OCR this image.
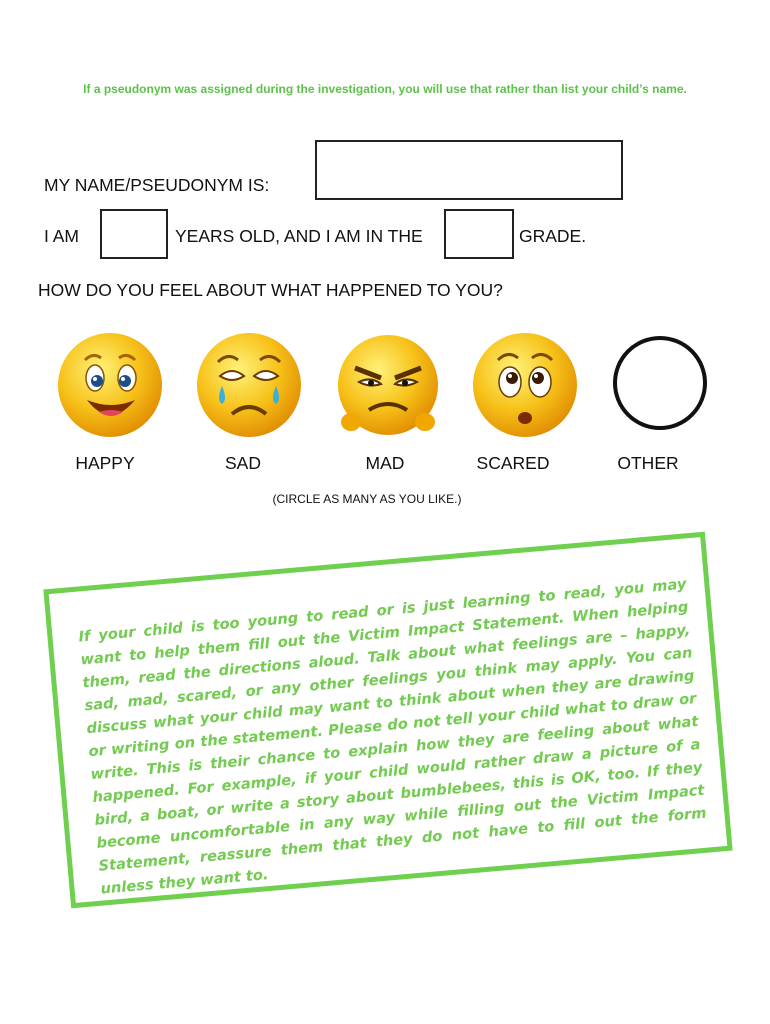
If a pseudonym was assigned during the investigation, you will use that rather than list your child’s name.
MY NAME/PSEUDONYM IS:
I AM	YEARS OLD, AND I AM IN THE	GRADE.
HOW DO YOU FEEL ABOUT WHAT HAPPENED TO YOU?
HAPPY	SAD	MAD	SCARED	OTHER
(CIRCLE AS MANY AS YOU LIKE.)
If your child is too young to read or is just learning to read, you may want to help them fill out the Victim Impact Statement. When helping them, read the directions aloud. Talk about what feelings are – happy, sad, mad, scared, or any other feelings you think may apply. You can discuss what your child may want to think about when they are drawing or writing on the statement. Please do not tell your child what to draw or write. This is their chance to explain how they are feeling about what happened. For example, if your child would rather draw a picture of a bird, a boat, or write a story about bumblebees, this is OK, too. If they become uncomfortable in any way while filling out the Victim Impact Statement, reassure them that they do not have to fill out the form unless they want to.
